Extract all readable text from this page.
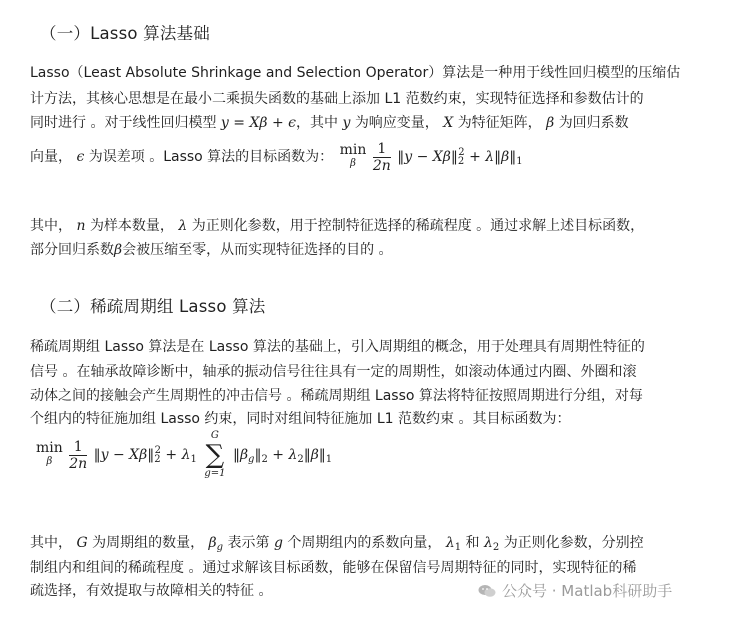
（一）Lasso 算法基础
Lasso（Least Absolute Shrinkage and Selection Operator）算法是一种用于线性回归模型的压缩估
计方法，其核心思想是在最小二乘损失函数的基础上添加 L1 范数约束，实现特征选择和参数估计的
同时进行 。对于线性回归模型 y = Xβ + ϵ，其中 y 为响应变量， X 为特征矩阵， β 为回归系数
向量， ϵ 为误差项 。Lasso 算法的目标函数为： min
β
	$\frac{1}{2n}$ ‖y − $X\beta‖_2^2$ + $\lambda‖\beta‖_1$
其中， n 为样本数量， λ 为正则化参数，用于控制特征选择的稀疏程度 。通过求解上述目标函数，
部分回归系数β会被压缩至零，从而实现特征选择的目的 。
（二）稀疏周期组 Lasso 算法
稀疏周期组 Lasso 算法是在 Lasso 算法的基础上，引入周期组的概念，用于处理具有周期性特征的
信号 。在轴承故障诊断中，轴承的振动信号往往具有一定的周期性，如滚动体通过内圈、外圈和滚
动体之间的接触会产生周期性的冲击信号 。稀疏周期组 Lasso 算法将特征按照周期进行分组，对每
个组内的特征施加组 Lasso 约束，同时对组间特征施加 L1 范数约束 。其目标函数为：
min
β
	$\frac{1}{2n}$ ‖y − $X\beta‖_2^2 + \lambda_1$
G
∑
g=1
$‖\beta_g‖_2$ + $\lambda_2‖\beta‖_1$
其中， G 为周期组的数量， $\beta_g$ 表示第 g 个周期组内的系数向量， $\lambda_1$ 和 $\lambda_2$ 为正则化参数，分别控
制组内和组间的稀疏程度 。通过求解该目标函数，能够在保留信号周期特征的同时，实现特征的稀
疏选择，有效提取与故障相关的特征 。	公众号 · Matlab科研助手
